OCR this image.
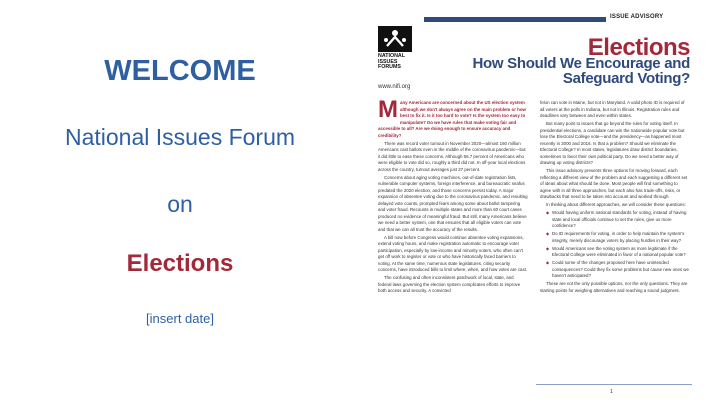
WELCOME
National Issues Forum
on
Elections
[insert date]
ISSUE ADVISORY
NATIONAL ISSUES FORUMS
www.nifi.org
Elections
How Should We Encourage and Safeguard Voting?

M any Americans are concerned about the US election system although we don't always agree on the main problem or how best to fix it. Is it too hard to vote? Is the system too easy to manipulate? Do we have rules that make voting fair and accessible to all? Are we doing enough to ensure accuracy and credibility?

There was record voter turnout in November 2020—almost 160 million Americans cast ballots even in the middle of the coronavirus pandemic—but it did little to ease these concerns. Although 66.7 percent of Americans who were eligible to vote did so, roughly a third did not. In off-year local elections across the country, turnout averages just 27 percent.

Concerns about aging voting machines, out-of-date registration lists, vulnerable computer systems, foreign interference, and bureaucratic snafus predated the 2020 election, and those concerns persist today. A major expansion of absentee voting due to the coronavirus pandemic, and resulting delayed vote counts, prompted fears among some about ballot tampering and voter fraud. Recounts in multiple states and more than 60 court cases produced no evidence of meaningful fraud. But still, many Americans believe we need a better system, one that ensures that all eligible voters can vote and that we can all trust the accuracy of the results.

A bill now before Congress would continue absentee voting expansions, extend voting hours, and make registration automatic to encourage voter participation, especially by low-income and minority voters, who often can't get off work to register or vote or who have historically faced barriers to voting. At the same time, numerous state legislatures, citing security concerns, have introduced bills to limit where, when, and how votes are cast.

The confusing and often inconsistent patchwork of local, state, and federal laws governing the election system complicates efforts to improve both access and security. A convicted

felon can vote in Maine, but not in Maryland. A valid photo ID is required of all voters at the polls in Indiana, but not in Illinois. Registration rules and deadlines vary between and even within states.

But many point to issues that go beyond the rules for voting itself. In presidential elections, a candidate can win the nationwide popular vote but lose the Electoral College vote—and the presidency—as happened most recently in 2000 and 2016. Is that a problem? Should we eliminate the Electoral College? In most states, legislatures draw district boundaries, sometimes to favor their own political party. Do we need a better way of drawing up voting districts?

This issue advisory presents three options for moving forward, each reflecting a different view of the problem and each suggesting a different set of ideas about what should be done. Most people will find something to agree with in all three approaches, but each also has trade-offs, risks, or drawbacks that need to be taken into account and worked through.

In thinking about different approaches, we will consider these questions:

◆ Would having uniform national standards for voting, instead of having state and local officials continue to set the rules, give us more confidence?
◆ Do ID requirements for voting, in order to help maintain the system's integrity, merely discourage voters by placing hurdles in their way?
◆ Would Americans see the voting system as more legitimate if the Electoral College were eliminated in favor of a national popular vote?
◆ Could some of the changes proposed here have unintended consequences? Could they fix some problems but cause new ones we haven't anticipated?

These are not the only possible options, nor the only questions. They are starting points for weighing alternatives and reaching a sound judgment.

1
